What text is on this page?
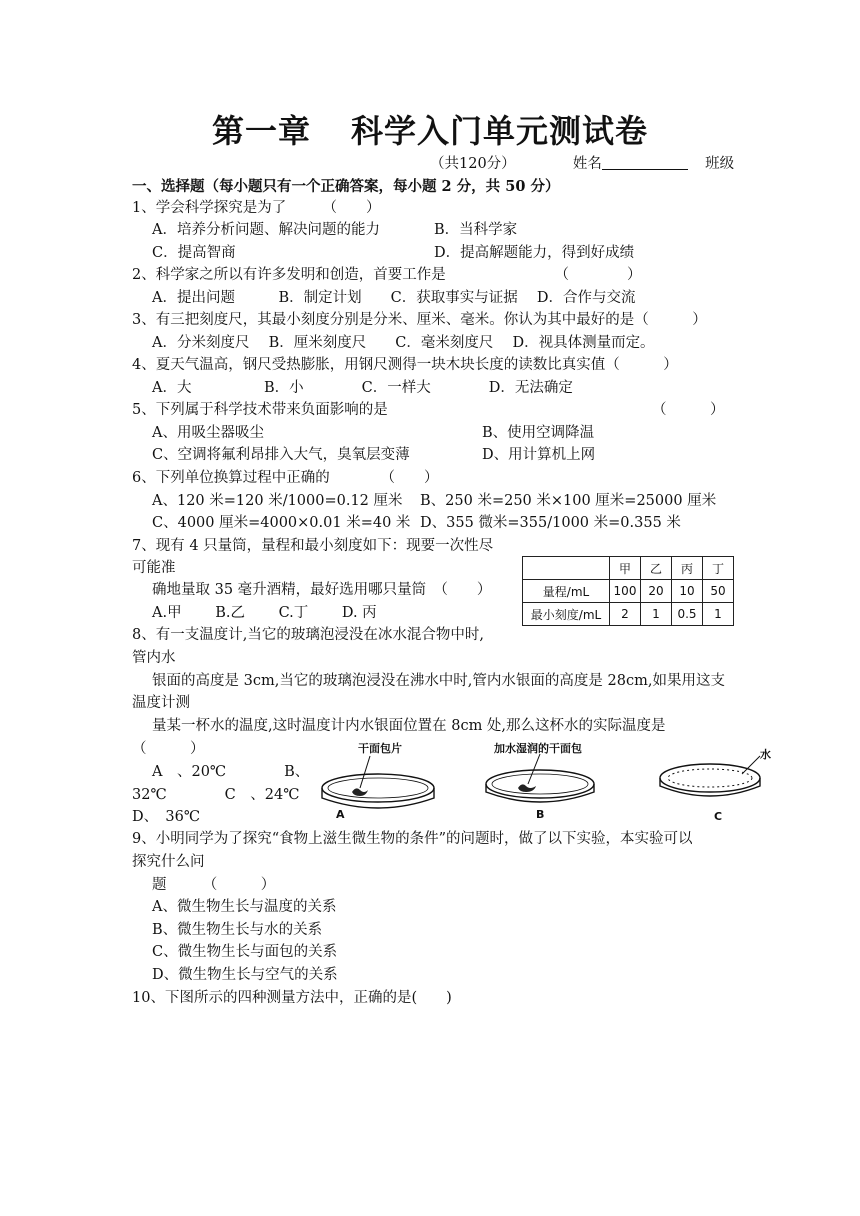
第一章 科学入门单元测试卷
（共120分）	姓名	班级
一、选择题（每小题只有一个正确答案，每小题 2 分，共 50 分）
1、学会科学探究是为了　　　（　　）
A．培养分析问题、解决问题的能力	B．当科学家
C．提高智商	D．提高解题能力，得到好成绩
2、科学家之所以有许多发明和创造，首要工作是　　　　　　　　（　　　　）
A．提出问题　　　B．制定计划　　C．获取事实与证据　 D．合作与交流
3、有三把刻度尺，其最小刻度分别是分米、厘米、毫米。你认为其中最好的是（　　　）
A．分米刻度尺　 B．厘米刻度尺　　C．毫米刻度尺　 D．视具体测量而定。
4、夏天气温高，钢尺受热膨胀，用钢尺测得一块木块长度的读数比真实值（　　　）
A．大　　　　　B．小　　　　C．一样大　　　　D．无法确定
5、下列属于科学技术带来负面影响的是	（　　　）
A、用吸尘器吸尘	B、使用空调降温
C、空调将氟利昂排入大气，臭氧层变薄	D、用计算机上网
6、下列单位换算过程中正确的　　　　（　　）
A、120 米=120 米/1000=0.12 厘米 B、250 米=250 米×100 厘米=25000 厘米
C、4000 厘米=4000×0.01 米=40 米 D、355 微米=355/1000 米=0.355 米
7、现有 4 只量筒，量程和最小刻度如下：现要一次性尽
可能准
确地量取 35 毫升酒精，最好选用哪只量筒　（　　）
A.甲　　 B.乙　　 C.丁　　 D. 丙
	甲	乙	丙	丁
量程/mL	100	20	10	50
最小刻度/mL	2	1	0.5	1
8、有一支温度计,当它的玻璃泡浸没在冰水混合物中时,
管内水
银面的高度是 3cm,当它的玻璃泡浸没在沸水中时,管内水银面的高度是 28cm,如果用这支
温度计测
量某一杯水的温度,这时温度计内水银面位置在 8cm 处,那么这杯水的实际温度是
（　　　）
A　、20℃　　　　B、
32℃　　　　C　、24℃
D、　36℃
干面包片
A
加水湿润的干面包
B
水
C
9、小明同学为了探究“食物上滋生微生物的条件”的问题时，做了以下实验，本实验可以
探究什么问
题　　　（　　　）
A、微生物生长与温度的关系
B、微生物生长与水的关系
C、微生物生长与面包的关系
D、微生物生长与空气的关系
10、下图所示的四种测量方法中，正确的是(　　)
